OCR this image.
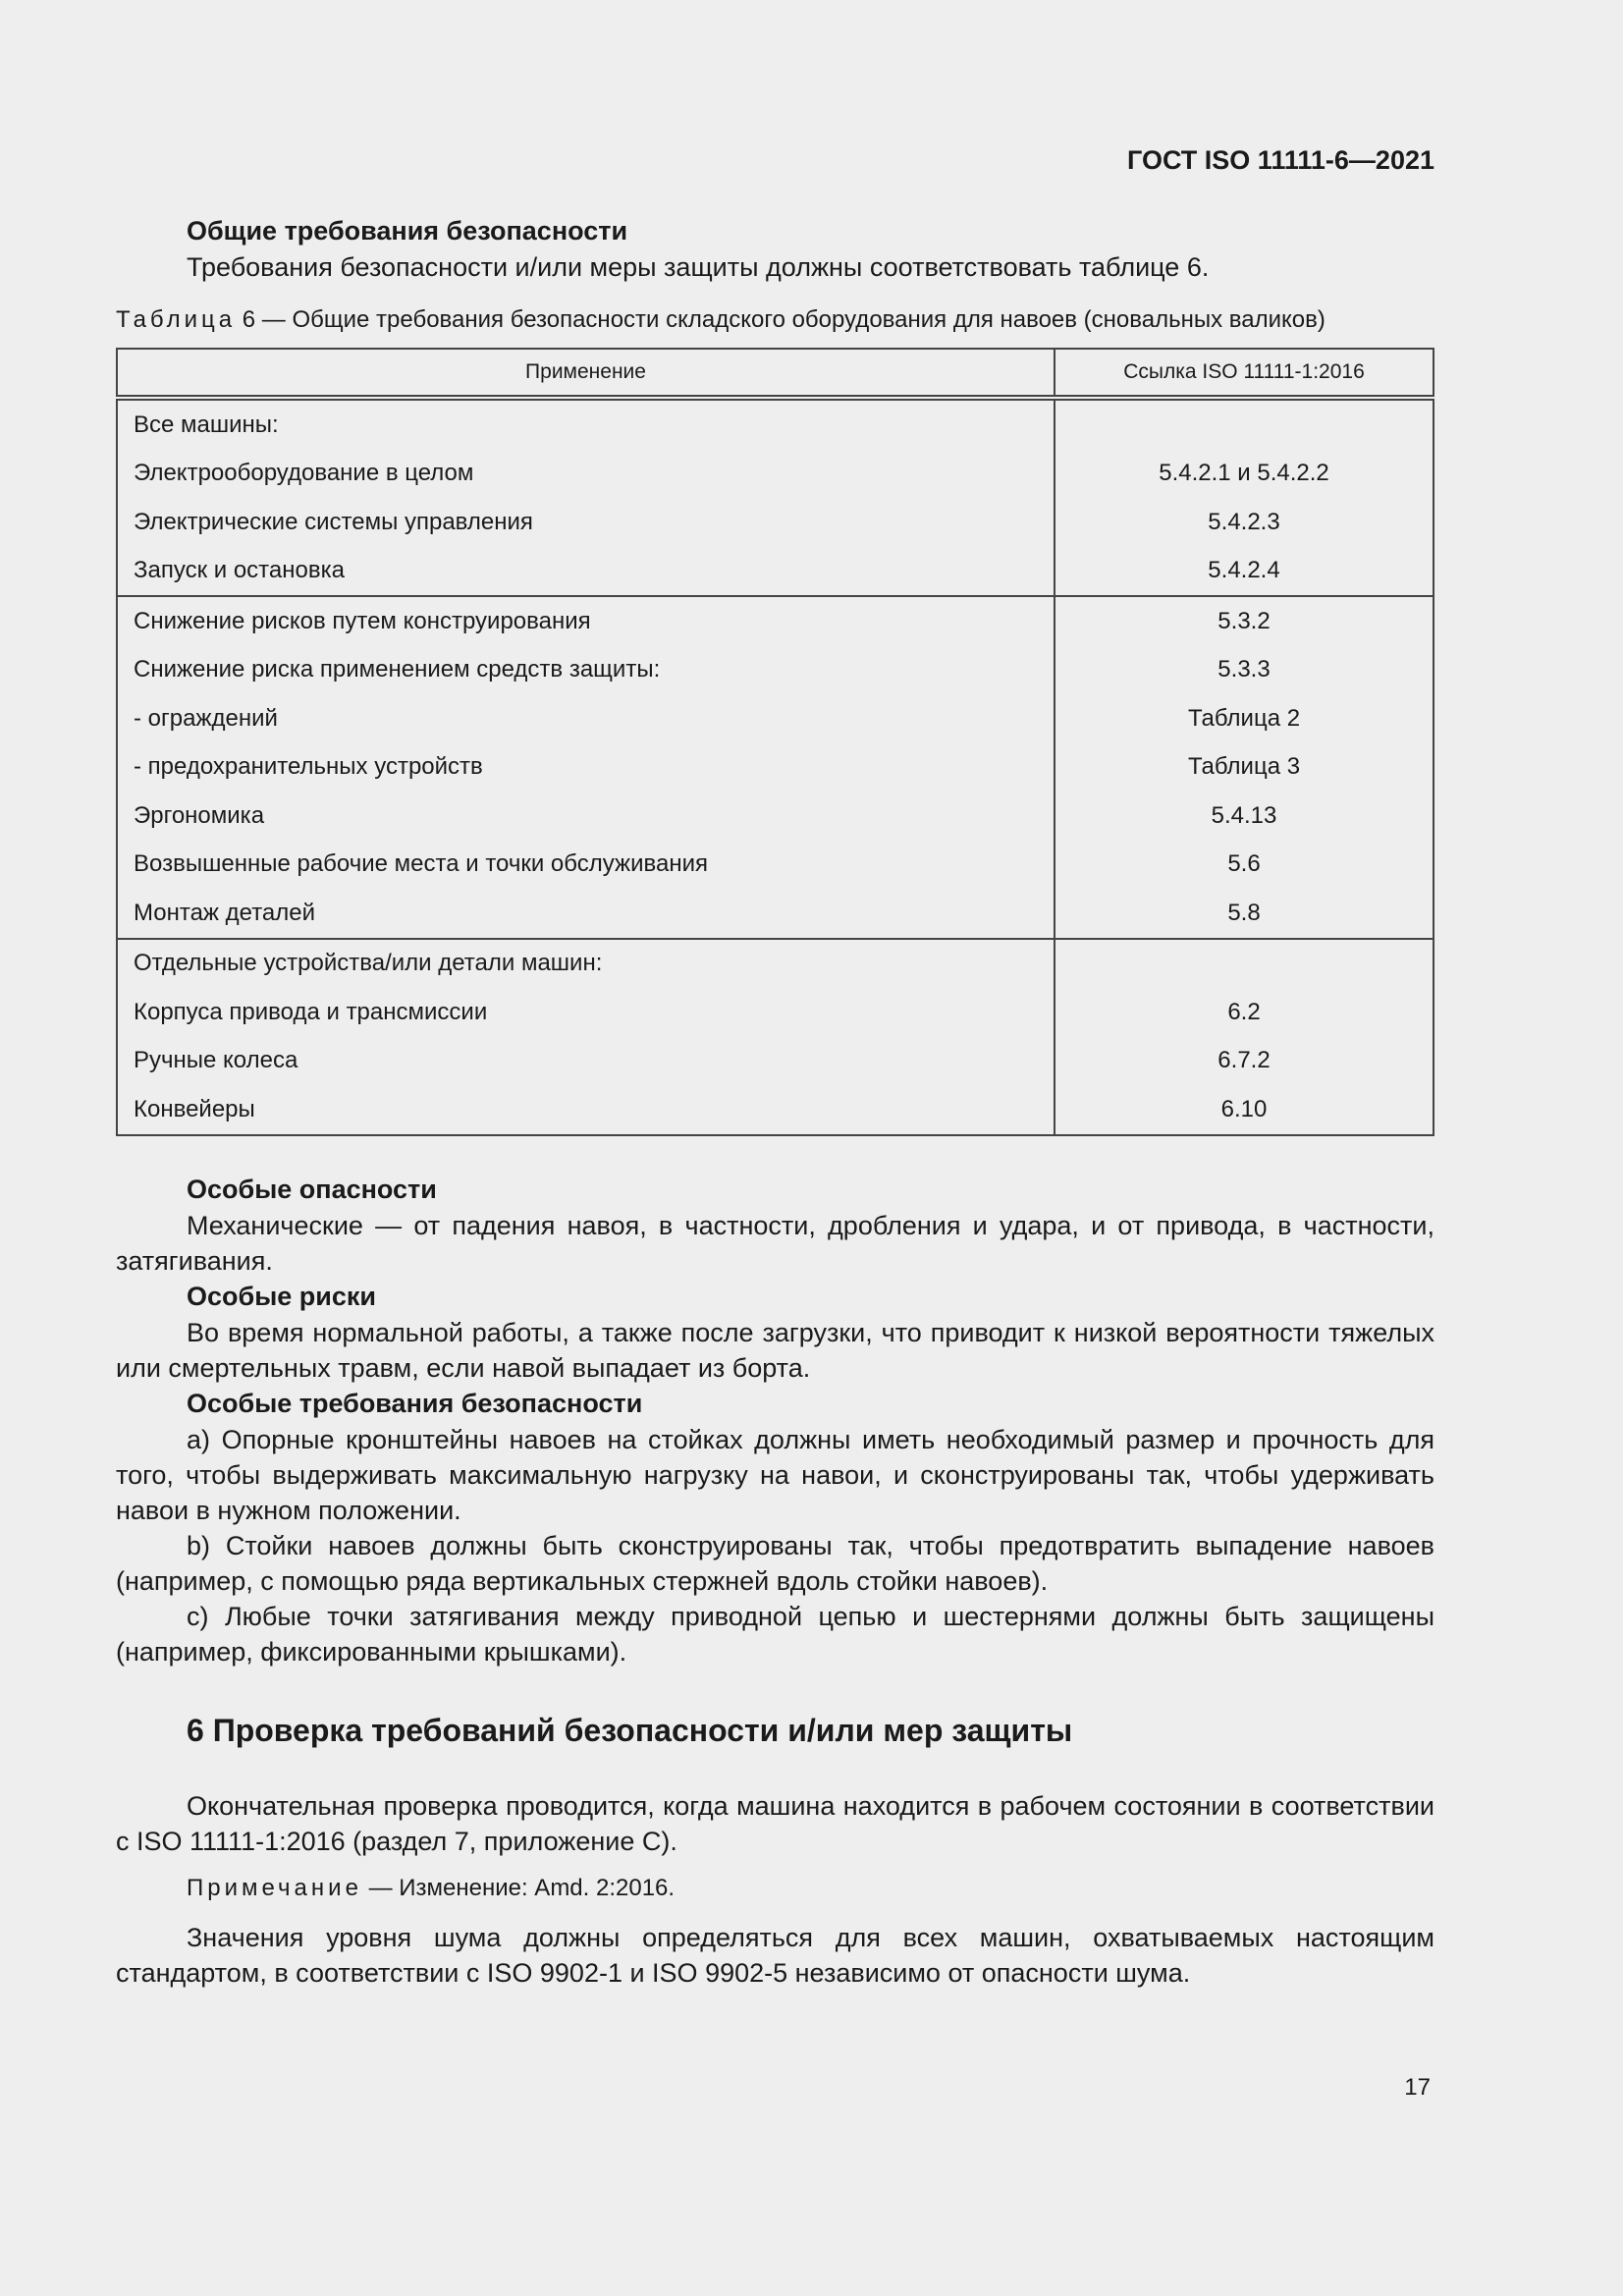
ГОСТ ISO 11111-6—2021
Общие требования безопасности

Требования безопасности и/или меры защиты должны соответствовать таблице 6.

Таблица 6 — Общие требования безопасности складского оборудования для навоев (сновальных валиков)
Применение	Ссылка ISO 11111-1:2016
Все машины:	
Электрооборудование в целом	5.4.2.1 и 5.4.2.2
Электрические системы управления	5.4.2.3
Запуск и остановка	5.4.2.4
Снижение рисков путем конструирования	5.3.2
Снижение риска применением средств защиты:	5.3.3
- ограждений	Таблица 2
- предохранительных устройств	Таблица 3
Эргономика	5.4.13
Возвышенные рабочие места и точки обслуживания	5.6
Монтаж деталей	5.8
Отдельные устройства/или детали машин:	
Корпуса привода и трансмиссии	6.2
Ручные колеса	6.7.2
Конвейеры	6.10
Особые опасности

Механические — от падения навоя, в частности, дробления и удара, и от привода, в частности, затягивания.

Особые риски

Во время нормальной работы, а также после загрузки, что приводит к низкой вероятности тяжелых или смертельных травм, если навой выпадает из борта.

Особые требования безопасности

a) Опорные кронштейны навоев на стойках должны иметь необходимый размер и прочность для того, чтобы выдерживать максимальную нагрузку на навои, и сконструированы так, чтобы удерживать навои в нужном положении.

b) Стойки навоев должны быть сконструированы так, чтобы предотвратить выпадение навоев (например, с помощью ряда вертикальных стержней вдоль стойки навоев).

c) Любые точки затягивания между приводной цепью и шестернями должны быть защищены (например, фиксированными крышками).

6 Проверка требований безопасности и/или мер защиты

Окончательная проверка проводится, когда машина находится в рабочем состоянии в соответствии с ISO 11111-1:2016 (раздел 7, приложение С).

Примечание — Изменение: Amd. 2:2016.

Значения уровня шума должны определяться для всех машин, охватываемых настоящим стандартом, в соответствии с ISO 9902-1 и ISO 9902-5 независимо от опасности шума.

17
